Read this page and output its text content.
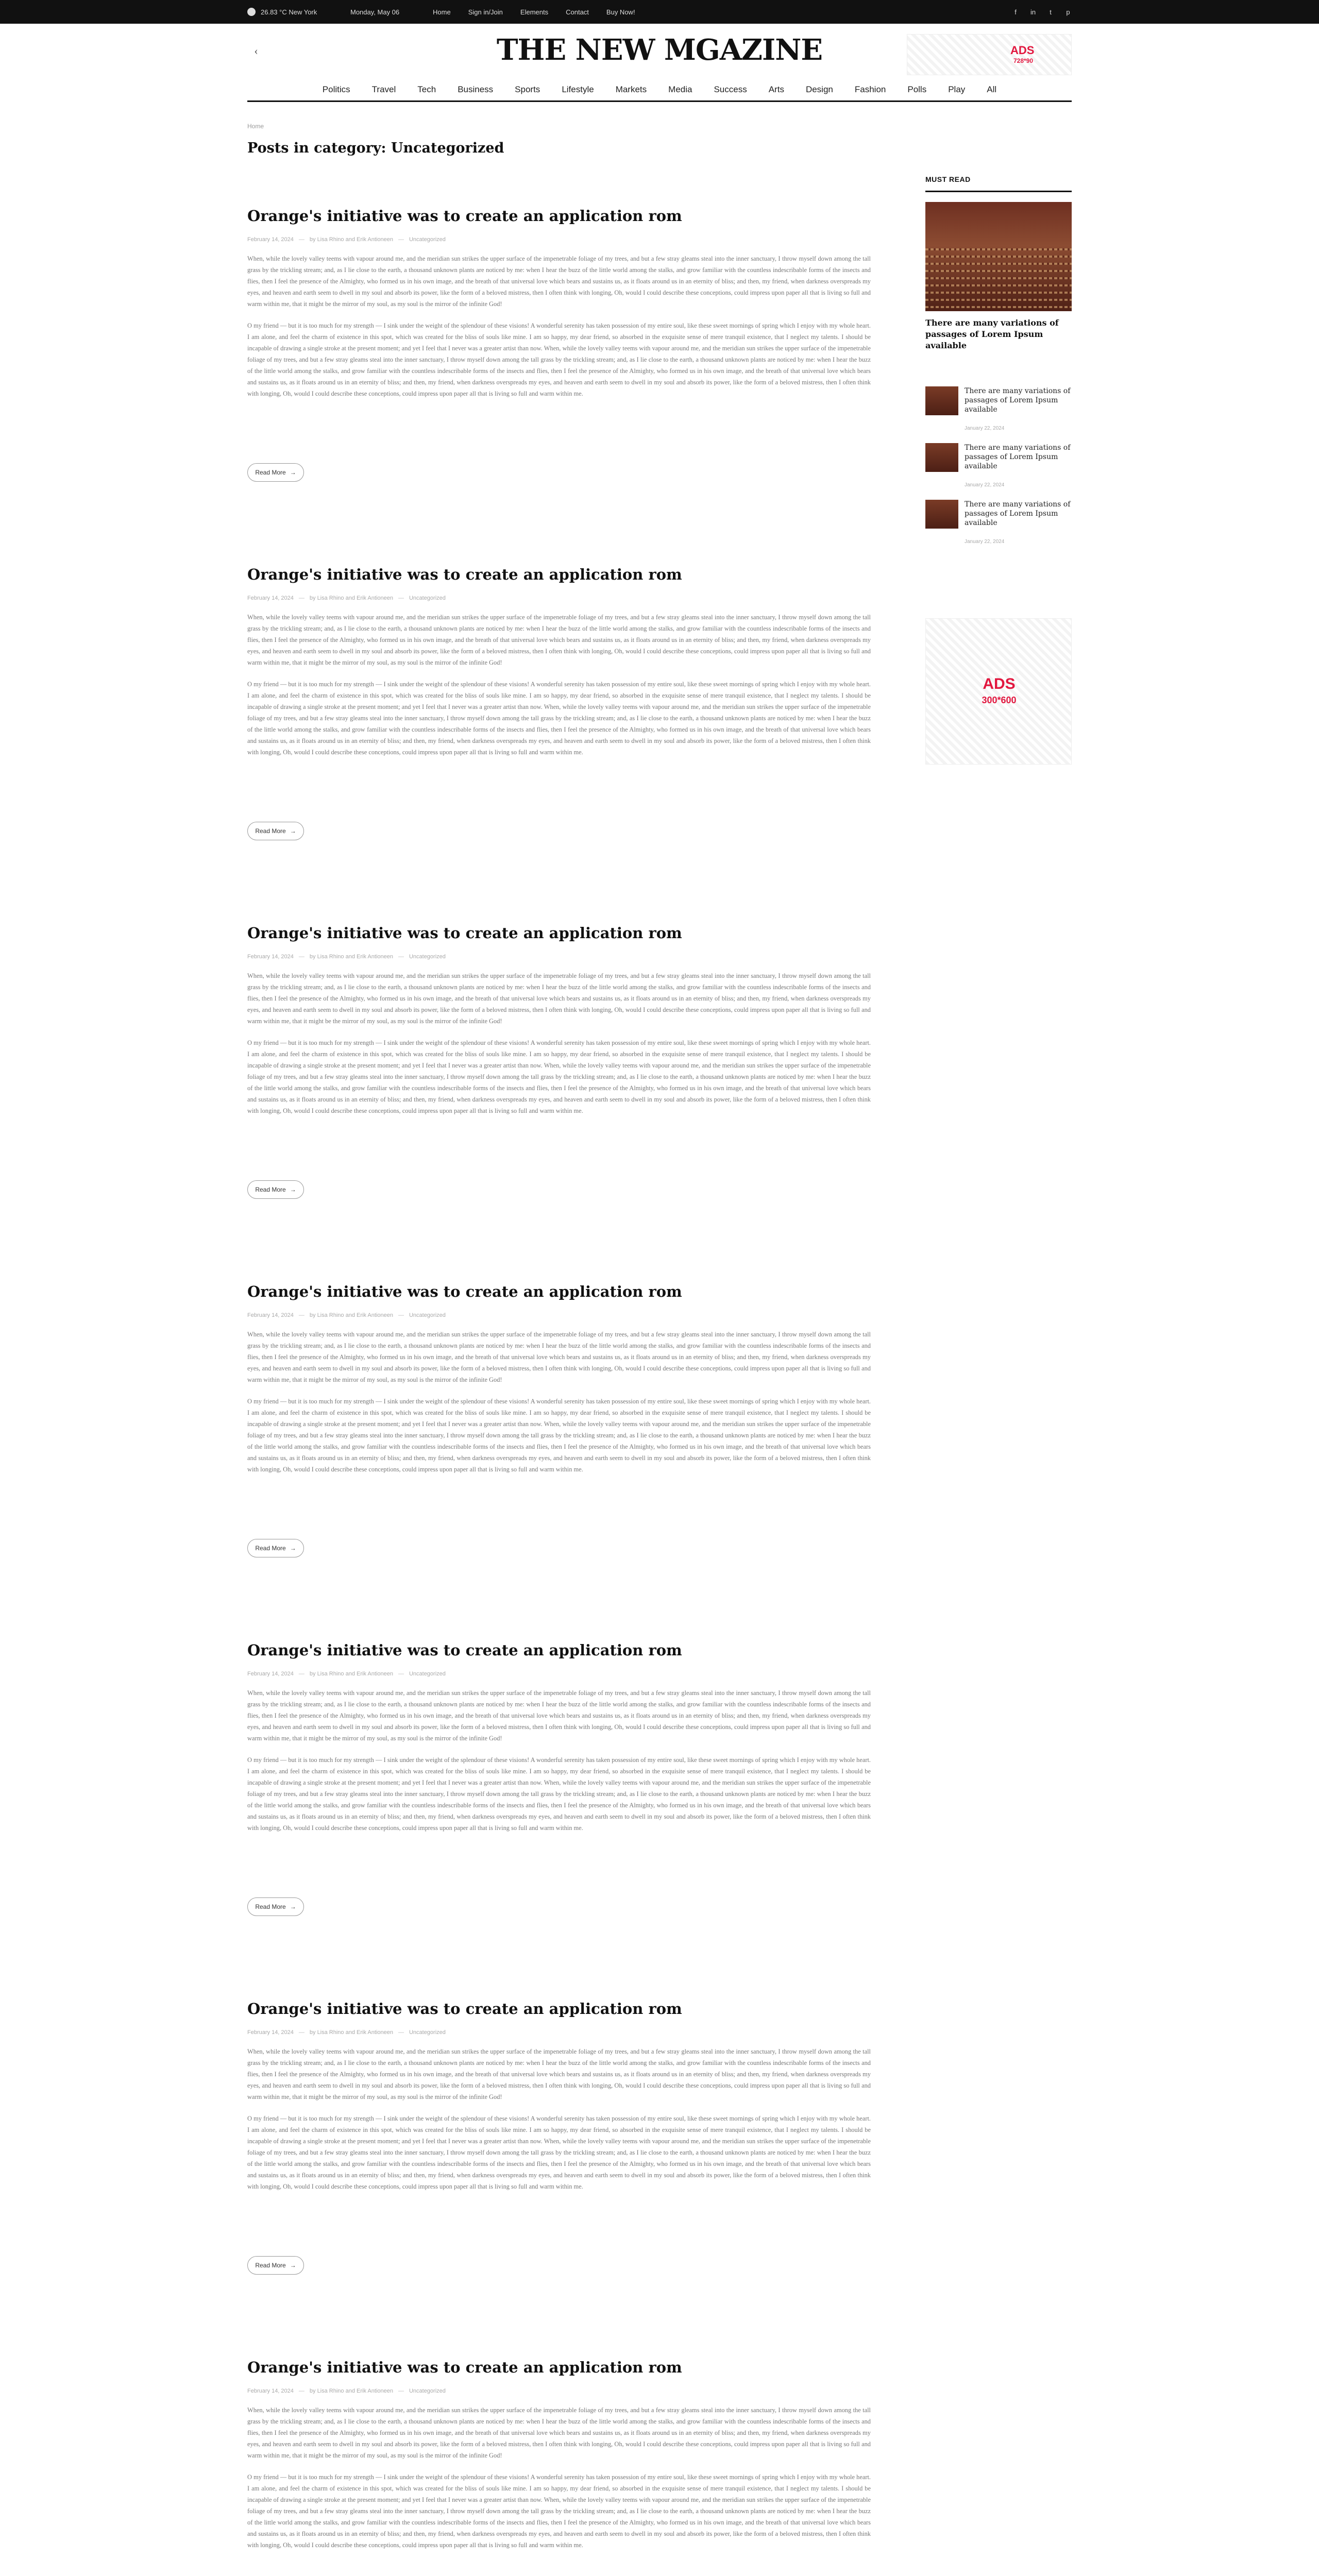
26.83 °C New York	Monday, May 06	Home	Sign in/Join	Elements	Contact	Buy Now!	f	in	t	p
‹	THE NEW MGAZINE	ADS
728*90
Politics	Travel	Tech	Business	Sports	Lifestyle	Markets	Media	Success	Arts	Design	Fashion	Polls	Play	All
Home
Posts in category: Uncategorized
Orange's initiative was to create an application rom
February 14, 2024 — by Lisa Rhino and Erik Antioneen — Uncategorized

When, while the lovely valley teems with vapour around me, and the meridian sun strikes the upper surface of the impenetrable foliage of my trees, and but a few stray gleams steal into the inner sanctuary, I throw myself down among the tall grass by the trickling stream; and, as I lie close to the earth, a thousand unknown plants are noticed by me: when I hear the buzz of the little world among the stalks, and grow familiar with the countless indescribable forms of the insects and flies, then I feel the presence of the Almighty, who formed us in his own image, and the breath of that universal love which bears and sustains us, as it floats around us in an eternity of bliss; and then, my friend, when darkness overspreads my eyes, and heaven and earth seem to dwell in my soul and absorb its power, like the form of a beloved mistress, then I often think with longing, Oh, would I could describe these conceptions, could impress upon paper all that is living so full and warm within me, that it might be the mirror of my soul, as my soul is the mirror of the infinite God!

O my friend — but it is too much for my strength — I sink under the weight of the splendour of these visions! A wonderful serenity has taken possession of my entire soul, like these sweet mornings of spring which I enjoy with my whole heart. I am alone, and feel the charm of existence in this spot, which was created for the bliss of souls like mine. I am so happy, my dear friend, so absorbed in the exquisite sense of mere tranquil existence, that I neglect my talents. I should be incapable of drawing a single stroke at the present moment; and yet I feel that I never was a greater artist than now. When, while the lovely valley teems with vapour around me, and the meridian sun strikes the upper surface of the impenetrable foliage of my trees, and but a few stray gleams steal into the inner sanctuary, I throw myself down among the tall grass by the trickling stream; and, as I lie close to the earth, a thousand unknown plants are noticed by me: when I hear the buzz of the little world among the stalks, and grow familiar with the countless indescribable forms of the insects and flies, then I feel the presence of the Almighty, who formed us in his own image, and the breath of that universal love which bears and sustains us, as it floats around us in an eternity of bliss; and then, my friend, when darkness overspreads my eyes, and heaven and earth seem to dwell in my soul and absorb its power, like the form of a beloved mistress, then I often think with longing, Oh, would I could describe these conceptions, could impress upon paper all that is living so full and warm within me.

Read More →
Orange's initiative was to create an application rom
February 14, 2024 — by Lisa Rhino and Erik Antioneen — Uncategorized

When, while the lovely valley teems with vapour around me, and the meridian sun strikes the upper surface of the impenetrable foliage of my trees, and but a few stray gleams steal into the inner sanctuary, I throw myself down among the tall grass by the trickling stream; and, as I lie close to the earth, a thousand unknown plants are noticed by me: when I hear the buzz of the little world among the stalks, and grow familiar with the countless indescribable forms of the insects and flies, then I feel the presence of the Almighty, who formed us in his own image, and the breath of that universal love which bears and sustains us, as it floats around us in an eternity of bliss; and then, my friend, when darkness overspreads my eyes, and heaven and earth seem to dwell in my soul and absorb its power, like the form of a beloved mistress, then I often think with longing, Oh, would I could describe these conceptions, could impress upon paper all that is living so full and warm within me, that it might be the mirror of my soul, as my soul is the mirror of the infinite God!

O my friend — but it is too much for my strength — I sink under the weight of the splendour of these visions! A wonderful serenity has taken possession of my entire soul, like these sweet mornings of spring which I enjoy with my whole heart. I am alone, and feel the charm of existence in this spot, which was created for the bliss of souls like mine. I am so happy, my dear friend, so absorbed in the exquisite sense of mere tranquil existence, that I neglect my talents. I should be incapable of drawing a single stroke at the present moment; and yet I feel that I never was a greater artist than now. When, while the lovely valley teems with vapour around me, and the meridian sun strikes the upper surface of the impenetrable foliage of my trees, and but a few stray gleams steal into the inner sanctuary, I throw myself down among the tall grass by the trickling stream; and, as I lie close to the earth, a thousand unknown plants are noticed by me: when I hear the buzz of the little world among the stalks, and grow familiar with the countless indescribable forms of the insects and flies, then I feel the presence of the Almighty, who formed us in his own image, and the breath of that universal love which bears and sustains us, as it floats around us in an eternity of bliss; and then, my friend, when darkness overspreads my eyes, and heaven and earth seem to dwell in my soul and absorb its power, like the form of a beloved mistress, then I often think with longing, Oh, would I could describe these conceptions, could impress upon paper all that is living so full and warm within me.

Read More →
Orange's initiative was to create an application rom
February 14, 2024 — by Lisa Rhino and Erik Antioneen — Uncategorized

When, while the lovely valley teems with vapour around me, and the meridian sun strikes the upper surface of the impenetrable foliage of my trees, and but a few stray gleams steal into the inner sanctuary, I throw myself down among the tall grass by the trickling stream; and, as I lie close to the earth, a thousand unknown plants are noticed by me: when I hear the buzz of the little world among the stalks, and grow familiar with the countless indescribable forms of the insects and flies, then I feel the presence of the Almighty, who formed us in his own image, and the breath of that universal love which bears and sustains us, as it floats around us in an eternity of bliss; and then, my friend, when darkness overspreads my eyes, and heaven and earth seem to dwell in my soul and absorb its power, like the form of a beloved mistress, then I often think with longing, Oh, would I could describe these conceptions, could impress upon paper all that is living so full and warm within me, that it might be the mirror of my soul, as my soul is the mirror of the infinite God!

O my friend — but it is too much for my strength — I sink under the weight of the splendour of these visions! A wonderful serenity has taken possession of my entire soul, like these sweet mornings of spring which I enjoy with my whole heart. I am alone, and feel the charm of existence in this spot, which was created for the bliss of souls like mine. I am so happy, my dear friend, so absorbed in the exquisite sense of mere tranquil existence, that I neglect my talents. I should be incapable of drawing a single stroke at the present moment; and yet I feel that I never was a greater artist than now. When, while the lovely valley teems with vapour around me, and the meridian sun strikes the upper surface of the impenetrable foliage of my trees, and but a few stray gleams steal into the inner sanctuary, I throw myself down among the tall grass by the trickling stream; and, as I lie close to the earth, a thousand unknown plants are noticed by me: when I hear the buzz of the little world among the stalks, and grow familiar with the countless indescribable forms of the insects and flies, then I feel the presence of the Almighty, who formed us in his own image, and the breath of that universal love which bears and sustains us, as it floats around us in an eternity of bliss; and then, my friend, when darkness overspreads my eyes, and heaven and earth seem to dwell in my soul and absorb its power, like the form of a beloved mistress, then I often think with longing, Oh, would I could describe these conceptions, could impress upon paper all that is living so full and warm within me.

Read More →
Orange's initiative was to create an application rom
February 14, 2024 — by Lisa Rhino and Erik Antioneen — Uncategorized

When, while the lovely valley teems with vapour around me, and the meridian sun strikes the upper surface of the impenetrable foliage of my trees, and but a few stray gleams steal into the inner sanctuary, I throw myself down among the tall grass by the trickling stream; and, as I lie close to the earth, a thousand unknown plants are noticed by me: when I hear the buzz of the little world among the stalks, and grow familiar with the countless indescribable forms of the insects and flies, then I feel the presence of the Almighty, who formed us in his own image, and the breath of that universal love which bears and sustains us, as it floats around us in an eternity of bliss; and then, my friend, when darkness overspreads my eyes, and heaven and earth seem to dwell in my soul and absorb its power, like the form of a beloved mistress, then I often think with longing, Oh, would I could describe these conceptions, could impress upon paper all that is living so full and warm within me, that it might be the mirror of my soul, as my soul is the mirror of the infinite God!

O my friend — but it is too much for my strength — I sink under the weight of the splendour of these visions! A wonderful serenity has taken possession of my entire soul, like these sweet mornings of spring which I enjoy with my whole heart. I am alone, and feel the charm of existence in this spot, which was created for the bliss of souls like mine. I am so happy, my dear friend, so absorbed in the exquisite sense of mere tranquil existence, that I neglect my talents. I should be incapable of drawing a single stroke at the present moment; and yet I feel that I never was a greater artist than now. When, while the lovely valley teems with vapour around me, and the meridian sun strikes the upper surface of the impenetrable foliage of my trees, and but a few stray gleams steal into the inner sanctuary, I throw myself down among the tall grass by the trickling stream; and, as I lie close to the earth, a thousand unknown plants are noticed by me: when I hear the buzz of the little world among the stalks, and grow familiar with the countless indescribable forms of the insects and flies, then I feel the presence of the Almighty, who formed us in his own image, and the breath of that universal love which bears and sustains us, as it floats around us in an eternity of bliss; and then, my friend, when darkness overspreads my eyes, and heaven and earth seem to dwell in my soul and absorb its power, like the form of a beloved mistress, then I often think with longing, Oh, would I could describe these conceptions, could impress upon paper all that is living so full and warm within me.

Read More →
Orange's initiative was to create an application rom
February 14, 2024 — by Lisa Rhino and Erik Antioneen — Uncategorized

When, while the lovely valley teems with vapour around me, and the meridian sun strikes the upper surface of the impenetrable foliage of my trees, and but a few stray gleams steal into the inner sanctuary, I throw myself down among the tall grass by the trickling stream; and, as I lie close to the earth, a thousand unknown plants are noticed by me: when I hear the buzz of the little world among the stalks, and grow familiar with the countless indescribable forms of the insects and flies, then I feel the presence of the Almighty, who formed us in his own image, and the breath of that universal love which bears and sustains us, as it floats around us in an eternity of bliss; and then, my friend, when darkness overspreads my eyes, and heaven and earth seem to dwell in my soul and absorb its power, like the form of a beloved mistress, then I often think with longing, Oh, would I could describe these conceptions, could impress upon paper all that is living so full and warm within me, that it might be the mirror of my soul, as my soul is the mirror of the infinite God!

O my friend — but it is too much for my strength — I sink under the weight of the splendour of these visions! A wonderful serenity has taken possession of my entire soul, like these sweet mornings of spring which I enjoy with my whole heart. I am alone, and feel the charm of existence in this spot, which was created for the bliss of souls like mine. I am so happy, my dear friend, so absorbed in the exquisite sense of mere tranquil existence, that I neglect my talents. I should be incapable of drawing a single stroke at the present moment; and yet I feel that I never was a greater artist than now. When, while the lovely valley teems with vapour around me, and the meridian sun strikes the upper surface of the impenetrable foliage of my trees, and but a few stray gleams steal into the inner sanctuary, I throw myself down among the tall grass by the trickling stream; and, as I lie close to the earth, a thousand unknown plants are noticed by me: when I hear the buzz of the little world among the stalks, and grow familiar with the countless indescribable forms of the insects and flies, then I feel the presence of the Almighty, who formed us in his own image, and the breath of that universal love which bears and sustains us, as it floats around us in an eternity of bliss; and then, my friend, when darkness overspreads my eyes, and heaven and earth seem to dwell in my soul and absorb its power, like the form of a beloved mistress, then I often think with longing, Oh, would I could describe these conceptions, could impress upon paper all that is living so full and warm within me.

Read More →
Orange's initiative was to create an application rom
February 14, 2024 — by Lisa Rhino and Erik Antioneen — Uncategorized

When, while the lovely valley teems with vapour around me, and the meridian sun strikes the upper surface of the impenetrable foliage of my trees, and but a few stray gleams steal into the inner sanctuary, I throw myself down among the tall grass by the trickling stream; and, as I lie close to the earth, a thousand unknown plants are noticed by me: when I hear the buzz of the little world among the stalks, and grow familiar with the countless indescribable forms of the insects and flies, then I feel the presence of the Almighty, who formed us in his own image, and the breath of that universal love which bears and sustains us, as it floats around us in an eternity of bliss; and then, my friend, when darkness overspreads my eyes, and heaven and earth seem to dwell in my soul and absorb its power, like the form of a beloved mistress, then I often think with longing, Oh, would I could describe these conceptions, could impress upon paper all that is living so full and warm within me, that it might be the mirror of my soul, as my soul is the mirror of the infinite God!

O my friend — but it is too much for my strength — I sink under the weight of the splendour of these visions! A wonderful serenity has taken possession of my entire soul, like these sweet mornings of spring which I enjoy with my whole heart. I am alone, and feel the charm of existence in this spot, which was created for the bliss of souls like mine. I am so happy, my dear friend, so absorbed in the exquisite sense of mere tranquil existence, that I neglect my talents. I should be incapable of drawing a single stroke at the present moment; and yet I feel that I never was a greater artist than now. When, while the lovely valley teems with vapour around me, and the meridian sun strikes the upper surface of the impenetrable foliage of my trees, and but a few stray gleams steal into the inner sanctuary, I throw myself down among the tall grass by the trickling stream; and, as I lie close to the earth, a thousand unknown plants are noticed by me: when I hear the buzz of the little world among the stalks, and grow familiar with the countless indescribable forms of the insects and flies, then I feel the presence of the Almighty, who formed us in his own image, and the breath of that universal love which bears and sustains us, as it floats around us in an eternity of bliss; and then, my friend, when darkness overspreads my eyes, and heaven and earth seem to dwell in my soul and absorb its power, like the form of a beloved mistress, then I often think with longing, Oh, would I could describe these conceptions, could impress upon paper all that is living so full and warm within me.

Read More →
Orange's initiative was to create an application rom
February 14, 2024 — by Lisa Rhino and Erik Antioneen — Uncategorized

When, while the lovely valley teems with vapour around me, and the meridian sun strikes the upper surface of the impenetrable foliage of my trees, and but a few stray gleams steal into the inner sanctuary, I throw myself down among the tall grass by the trickling stream; and, as I lie close to the earth, a thousand unknown plants are noticed by me: when I hear the buzz of the little world among the stalks, and grow familiar with the countless indescribable forms of the insects and flies, then I feel the presence of the Almighty, who formed us in his own image, and the breath of that universal love which bears and sustains us, as it floats around us in an eternity of bliss; and then, my friend, when darkness overspreads my eyes, and heaven and earth seem to dwell in my soul and absorb its power, like the form of a beloved mistress, then I often think with longing, Oh, would I could describe these conceptions, could impress upon paper all that is living so full and warm within me, that it might be the mirror of my soul, as my soul is the mirror of the infinite God!

O my friend — but it is too much for my strength — I sink under the weight of the splendour of these visions! A wonderful serenity has taken possession of my entire soul, like these sweet mornings of spring which I enjoy with my whole heart. I am alone, and feel the charm of existence in this spot, which was created for the bliss of souls like mine. I am so happy, my dear friend, so absorbed in the exquisite sense of mere tranquil existence, that I neglect my talents. I should be incapable of drawing a single stroke at the present moment; and yet I feel that I never was a greater artist than now. When, while the lovely valley teems with vapour around me, and the meridian sun strikes the upper surface of the impenetrable foliage of my trees, and but a few stray gleams steal into the inner sanctuary, I throw myself down among the tall grass by the trickling stream; and, as I lie close to the earth, a thousand unknown plants are noticed by me: when I hear the buzz of the little world among the stalks, and grow familiar with the countless indescribable forms of the insects and flies, then I feel the presence of the Almighty, who formed us in his own image, and the breath of that universal love which bears and sustains us, as it floats around us in an eternity of bliss; and then, my friend, when darkness overspreads my eyes, and heaven and earth seem to dwell in my soul and absorb its power, like the form of a beloved mistress, then I often think with longing, Oh, would I could describe these conceptions, could impress upon paper all that is living so full and warm within me.

MUST READ
There are many variations of passages of Lorem Ipsum available
There are many variations of passages of Lorem Ipsum available
January 22, 2024
There are many variations of passages of Lorem Ipsum available
January 22, 2024
There are many variations of passages of Lorem Ipsum available
January 22, 2024
ADS
300*600
